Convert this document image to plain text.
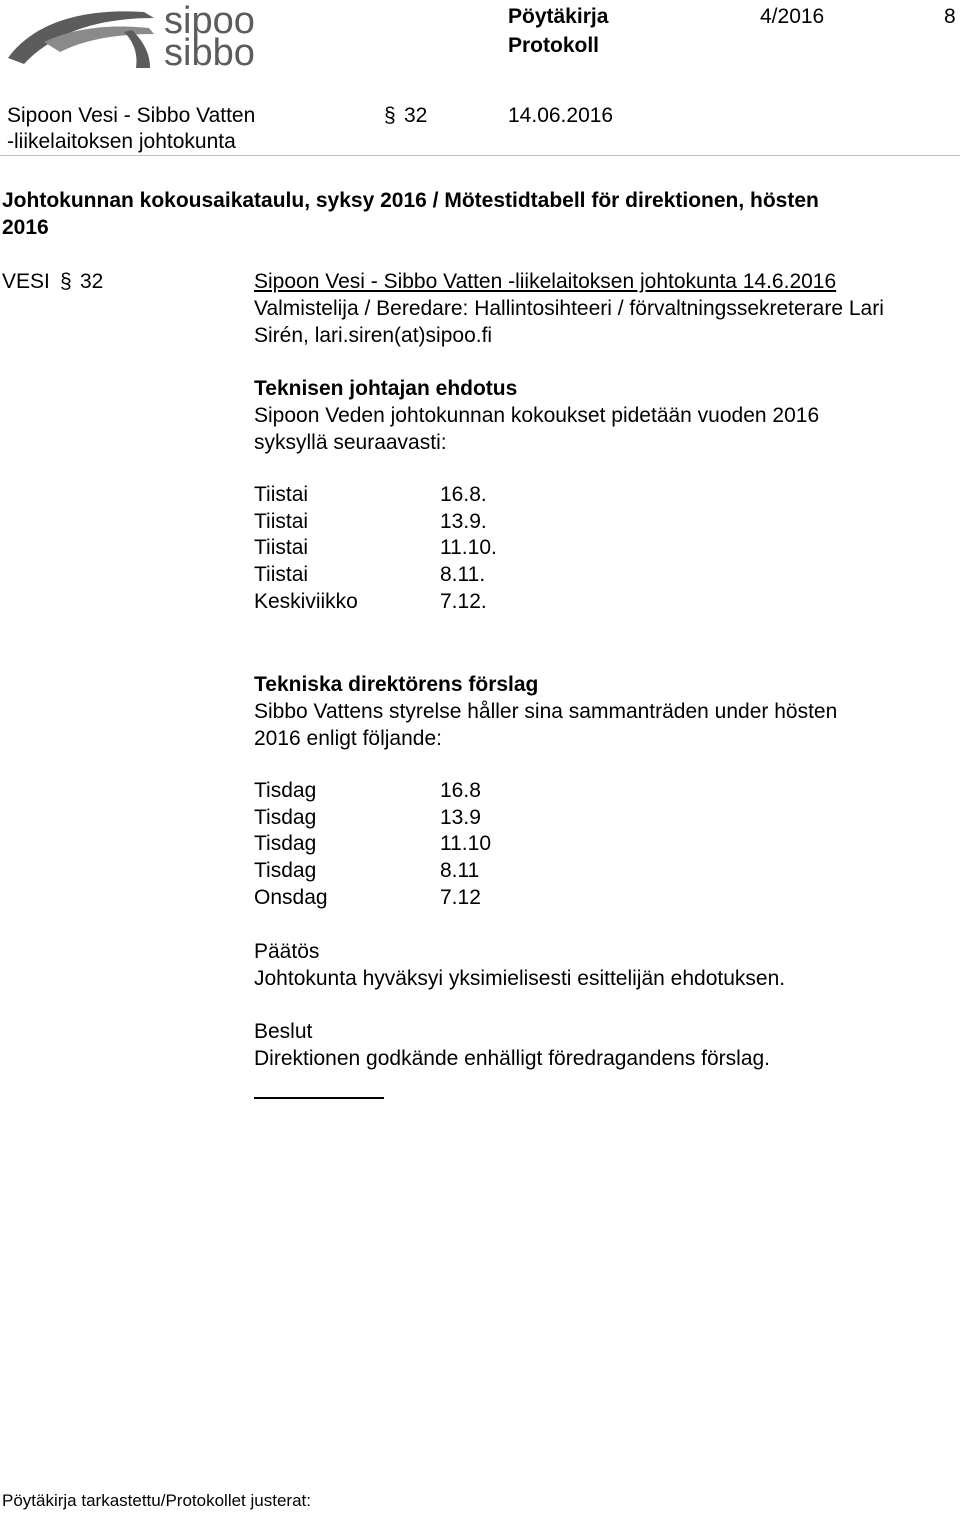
sipoo
sibbo
Pöytäkirja
Protokoll
4/2016	8
Sipoon Vesi - Sibbo Vatten
-liikelaitoksen johtokunta
§ 32	14.06.2016
Johtokunnan kokousaikataulu, syksy 2016 / Mötestidtabell för direktionen, hösten
2016
VESI § 32	Sipoon Vesi - Sibbo Vatten -liikelaitoksen johtokunta 14.6.2016
Valmistelija / Beredare: Hallintosihteeri / förvaltningssekreterare Lari
Sirén, lari.siren(at)sipoo.fi
Teknisen johtajan ehdotus
Sipoon Veden johtokunnan kokoukset pidetään vuoden 2016
syksyllä seuraavasti:
Tiistai	16.8.
Tiistai	13.9.
Tiistai	11.10.
Tiistai	8.11.
Keskiviikko	7.12.
Tekniska direktörens förslag
Sibbo Vattens styrelse håller sina sammanträden under hösten
2016 enligt följande:
Tisdag	16.8
Tisdag	13.9
Tisdag	11.10
Tisdag	8.11
Onsdag	7.12
Päätös
Johtokunta hyväksyi yksimielisesti esittelijän ehdotuksen.
Beslut
Direktionen godkände enhälligt föredragandens förslag.
Pöytäkirja tarkastettu/Protokollet justerat:
